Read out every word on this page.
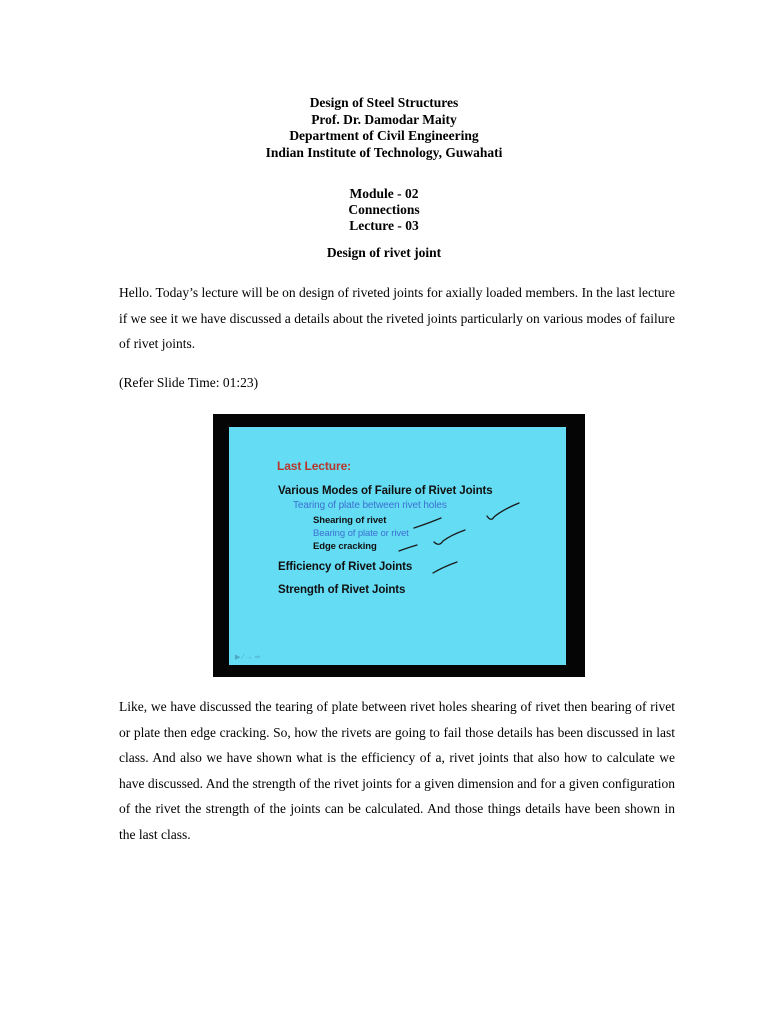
Design of Steel Structures
Prof. Dr. Damodar Maity
Department of Civil Engineering
Indian Institute of Technology, Guwahati
Module - 02
Connections
Lecture - 03
Design of rivet joint
Hello. Today’s lecture will be on design of riveted joints for axially loaded members. In the last lecture if we see it we have discussed a details about the riveted joints particularly on various modes of failure of rivet joints.
(Refer Slide Time: 01:23)
Last Lecture:
Various Modes of Failure of Rivet Joints
Tearing of plate between rivet holes
Shearing of rivet
Bearing of plate or rivet
Edge cracking
Efficiency of Rivet Joints
Strength of Rivet Joints
▶ ⁄ → ⇒
Like, we have discussed the tearing of plate between rivet holes shearing of rivet then bearing of rivet or plate then edge cracking. So, how the rivets are going to fail those details has been discussed in last class. And also we have shown what is the efficiency of a, rivet joints that also how to calculate we have discussed. And the strength of the rivet joints for a given dimension and for a given configuration of the rivet the strength of the joints can be calculated. And those things details have been shown in the last class.
